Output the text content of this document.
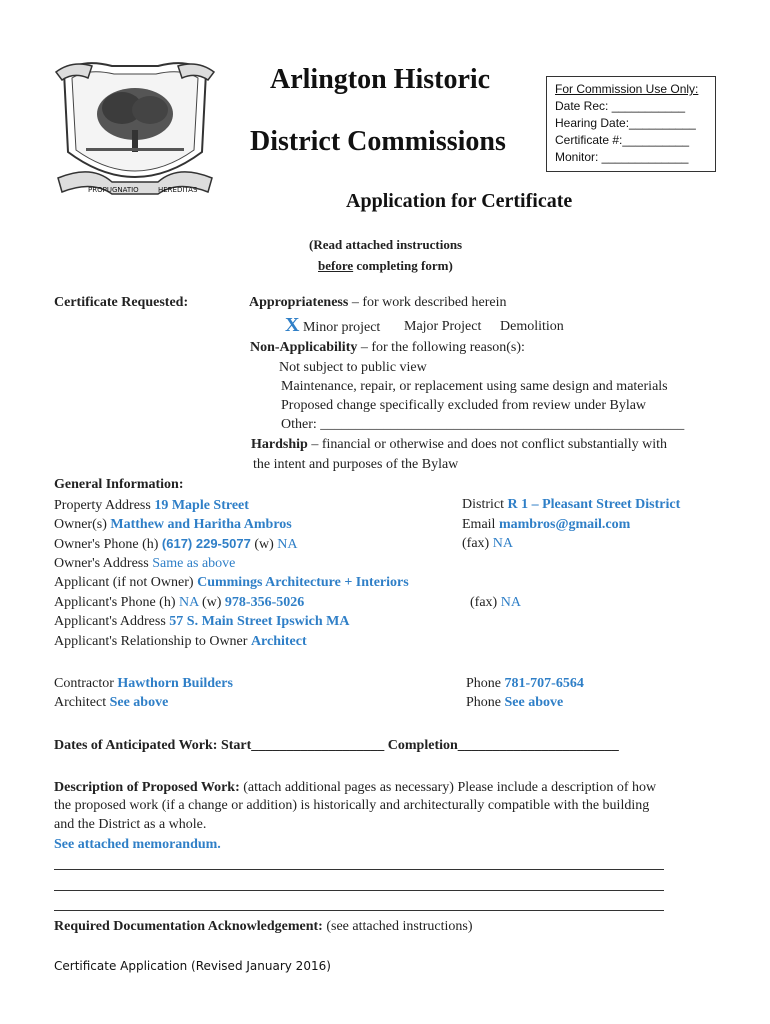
PROPUGNATIO	HEREDITAS
Arlington Historic
District Commissions
For Commission Use Only:
Date Rec: ___________
Hearing Date:__________
Certificate #:__________
Monitor: _____________
Application for Certificate
(Read attached instructions
before completing form)
Certificate Requested:	Appropriateness – for work described herein
X Minor project Major Project Demolition
Non-Applicability – for the following reason(s):
Not subject to public view
Maintenance, repair, or replacement using same design and materials
Proposed change specifically excluded from review under Bylaw
Other: ____________________________________________________
Hardship – financial or otherwise and does not conflict substantially with
the intent and purposes of the Bylaw
General Information:
Property Address 19 Maple Street
Owner(s) Matthew and Haritha Ambros
Owner's Phone (h) (617) 229-5077 (w) NA
Owner's Address Same as above
Applicant (if not Owner) Cummings Architecture + Interiors
Applicant's Phone (h) NA (w) 978-356-5026
Applicant's Address 57 S. Main Street Ipswich MA
Applicant's Relationship to Owner Architect
District R 1 – Pleasant Street District
Email mambros@gmail.com
(fax) NA
(fax) NA
Contractor Hawthorn Builders
Architect See above
Phone 781-707-6564
Phone See above
Dates of Anticipated Work: Start___________________ Completion_______________________
Description of Proposed Work: (attach additional pages as necessary) Please include a description of how
the proposed work (if a change or addition) is historically and architecturally compatible with the building
and the District as a whole.
See attached memorandum.
Required Documentation Acknowledgement: (see attached instructions)
Certificate Application (Revised January 2016)
